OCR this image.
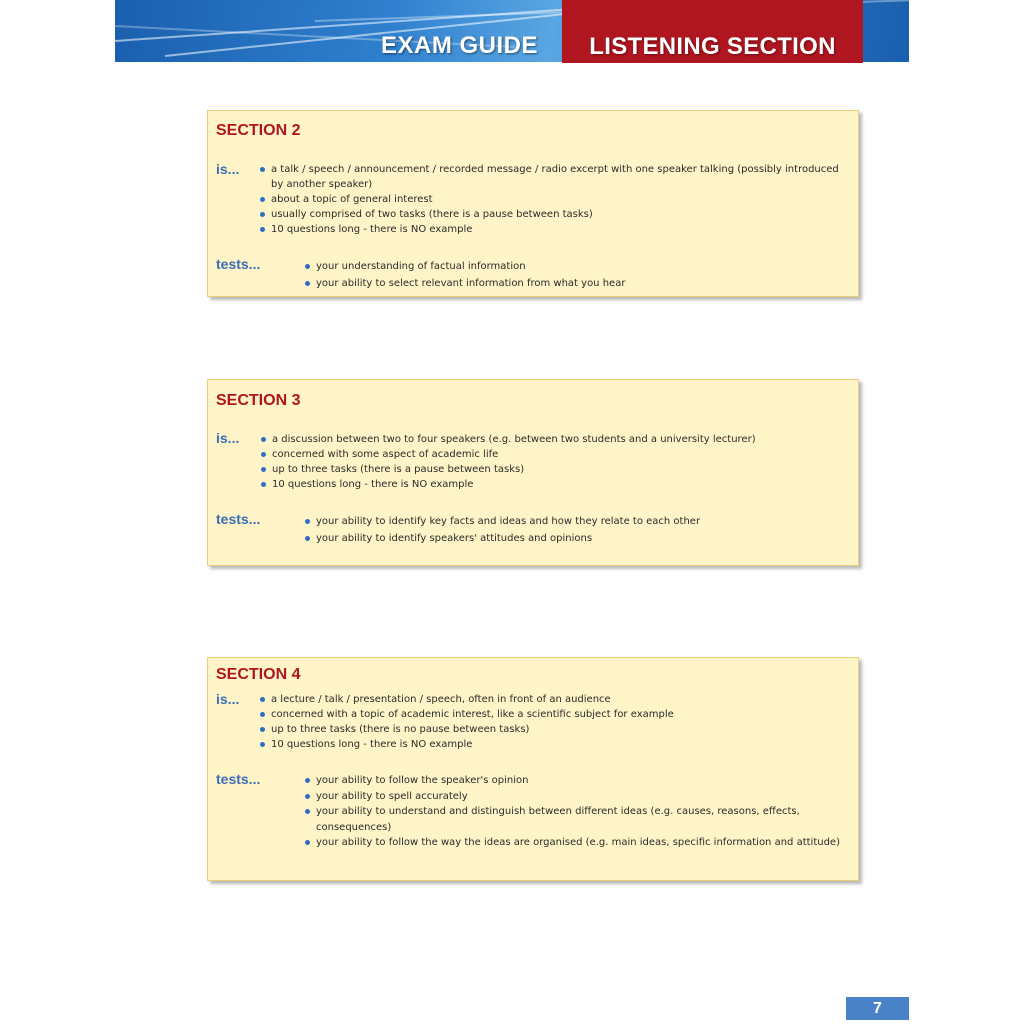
EXAM GUIDE LISTENING SECTION
SECTION 2
is...	a talk / speech / announcement / recorded message / radio excerpt with one speaker talking (possibly introduced by another speaker)
about a topic of general interest
usually comprised of two tasks (there is a pause between tasks)
10 questions long - there is NO example
tests...	your understanding of factual information
your ability to select relevant information from what you hear
SECTION 3
is...	a discussion between two to four speakers (e.g. between two students and a university lecturer)
concerned with some aspect of academic life
up to three tasks (there is a pause between tasks)
10 questions long - there is NO example
tests...	your ability to identify key facts and ideas and how they relate to each other
your ability to identify speakers' attitudes and opinions
SECTION 4
is...	a lecture / talk / presentation / speech, often in front of an audience
concerned with a topic of academic interest, like a scientific subject for example
up to three tasks (there is no pause between tasks)
10 questions long - there is NO example
tests...	your ability to follow the speaker's opinion
your ability to spell accurately
your ability to understand and distinguish between different ideas (e.g. causes, reasons, effects, consequences)
your ability to follow the way the ideas are organised (e.g. main ideas, specific information and attitude)
7
